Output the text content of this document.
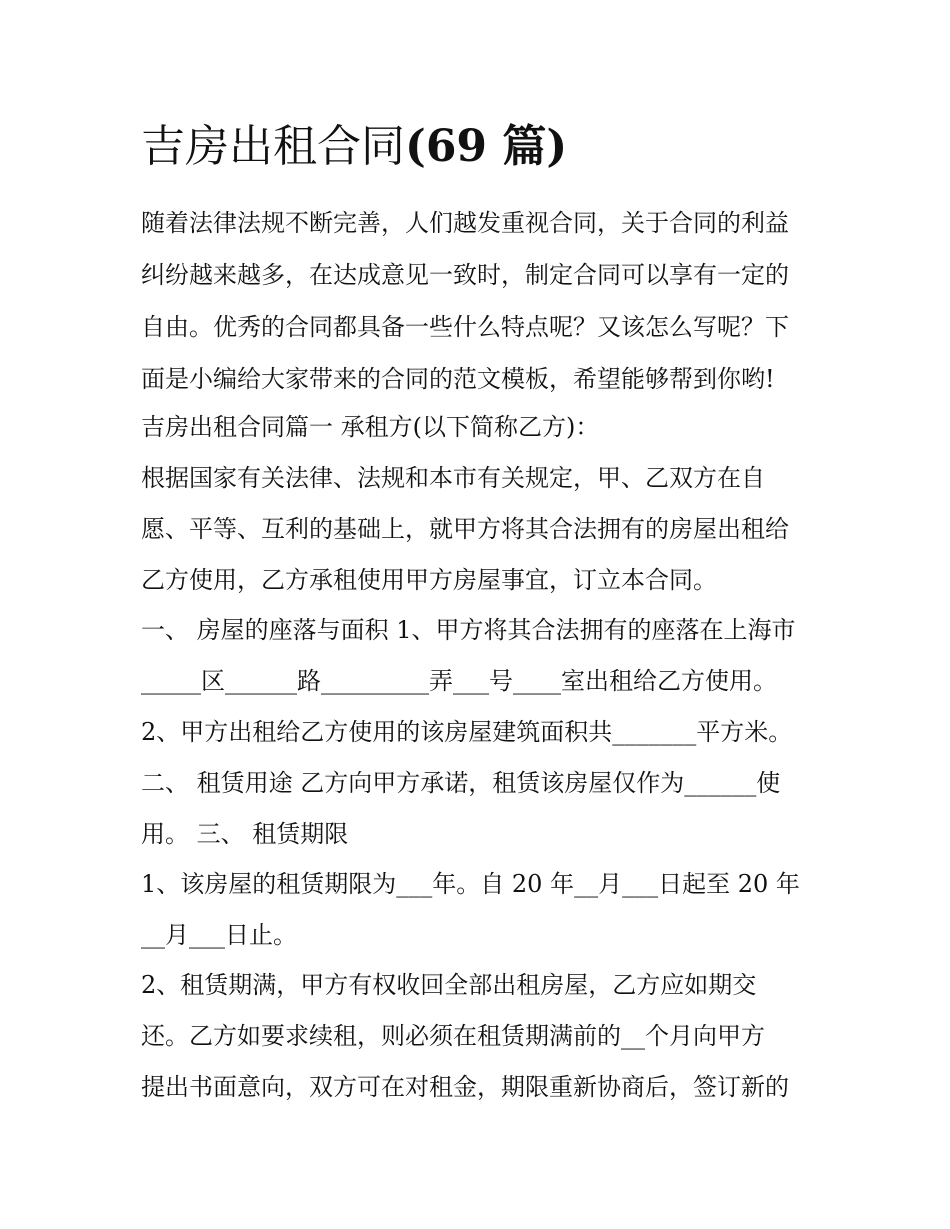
吉房出租合同(69 篇)

随着法律法规不断完善，人们越发重视合同，关于合同的利益

纠纷越来越多，在达成意见一致时，制定合同可以享有一定的

自由。优秀的合同都具备一些什么特点呢？又该怎么写呢？下

面是小编给大家带来的合同的范文模板，希望能够帮到你哟!

吉房出租合同篇一 承租方(以下简称乙方)：

根据国家有关法律、法规和本市有关规定，甲、乙双方在自

愿、平等、互利的基础上，就甲方将其合法拥有的房屋出租给

乙方使用，乙方承租使用甲方房屋事宜，订立本合同。

一、 房屋的座落与面积 1、甲方将其合法拥有的座落在上海市

_____区______路_________弄___号____室出租给乙方使用。

2、甲方出租给乙方使用的该房屋建筑面积共_______平方米。

二、 租赁用途 乙方向甲方承诺，租赁该房屋仅作为______使

用。 三、 租赁期限

1、该房屋的租赁期限为___年。自 20 年__月___日起至 20 年

__月___日止。

2、租赁期满，甲方有权收回全部出租房屋，乙方应如期交

还。乙方如要求续租，则必须在租赁期满前的__个月向甲方

提出书面意向，双方可在对租金，期限重新协商后，签订新的
